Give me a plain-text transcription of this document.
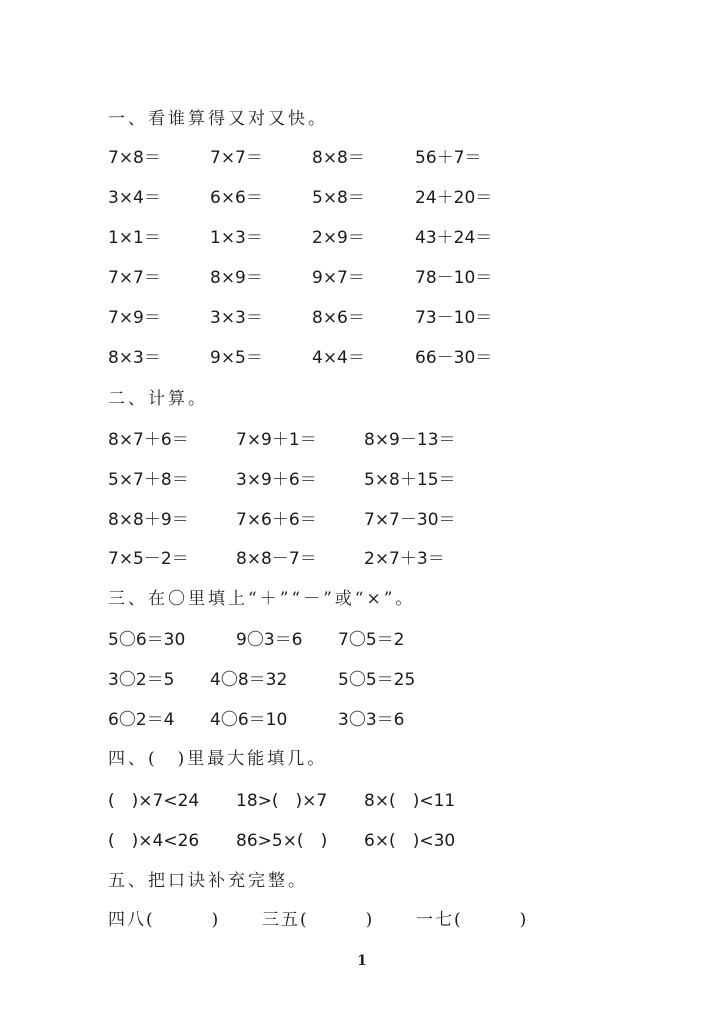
一、看谁算得又对又快。
7×8＝	7×7＝	8×8＝	56＋7＝
3×4＝	6×6＝	5×8＝	24＋20＝
1×1＝	1×3＝	2×9＝	43＋24＝
7×7＝	8×9＝	9×7＝	78－10＝
7×9＝	3×3＝	8×6＝	73－10＝
8×3＝	9×5＝	4×4＝	66－30＝
二、计算。
8×7＋6＝	7×9＋1＝	8×9－13＝
5×7＋8＝	3×9＋6＝	5×8＋15＝
8×8＋9＝	7×6＋6＝	7×7－30＝
7×5－2＝	8×8－7＝	2×7＋3＝
三、在〇里填上“＋”“－”或“×”。
5〇6＝30	9〇3＝6 7〇5＝2
3〇2＝5 4〇8＝32	5〇5＝25
6〇2＝4 4〇6＝10	3〇3＝6
四、(　)里最大能填几。
(　)×7<24 18>(　)×7 8×(　)<11
(　)×4<26 86>5×(　) 6×(　)<30
五、把口诀补充完整。
四八(　　　) 三五(　　　) 一七(　　　)
1
